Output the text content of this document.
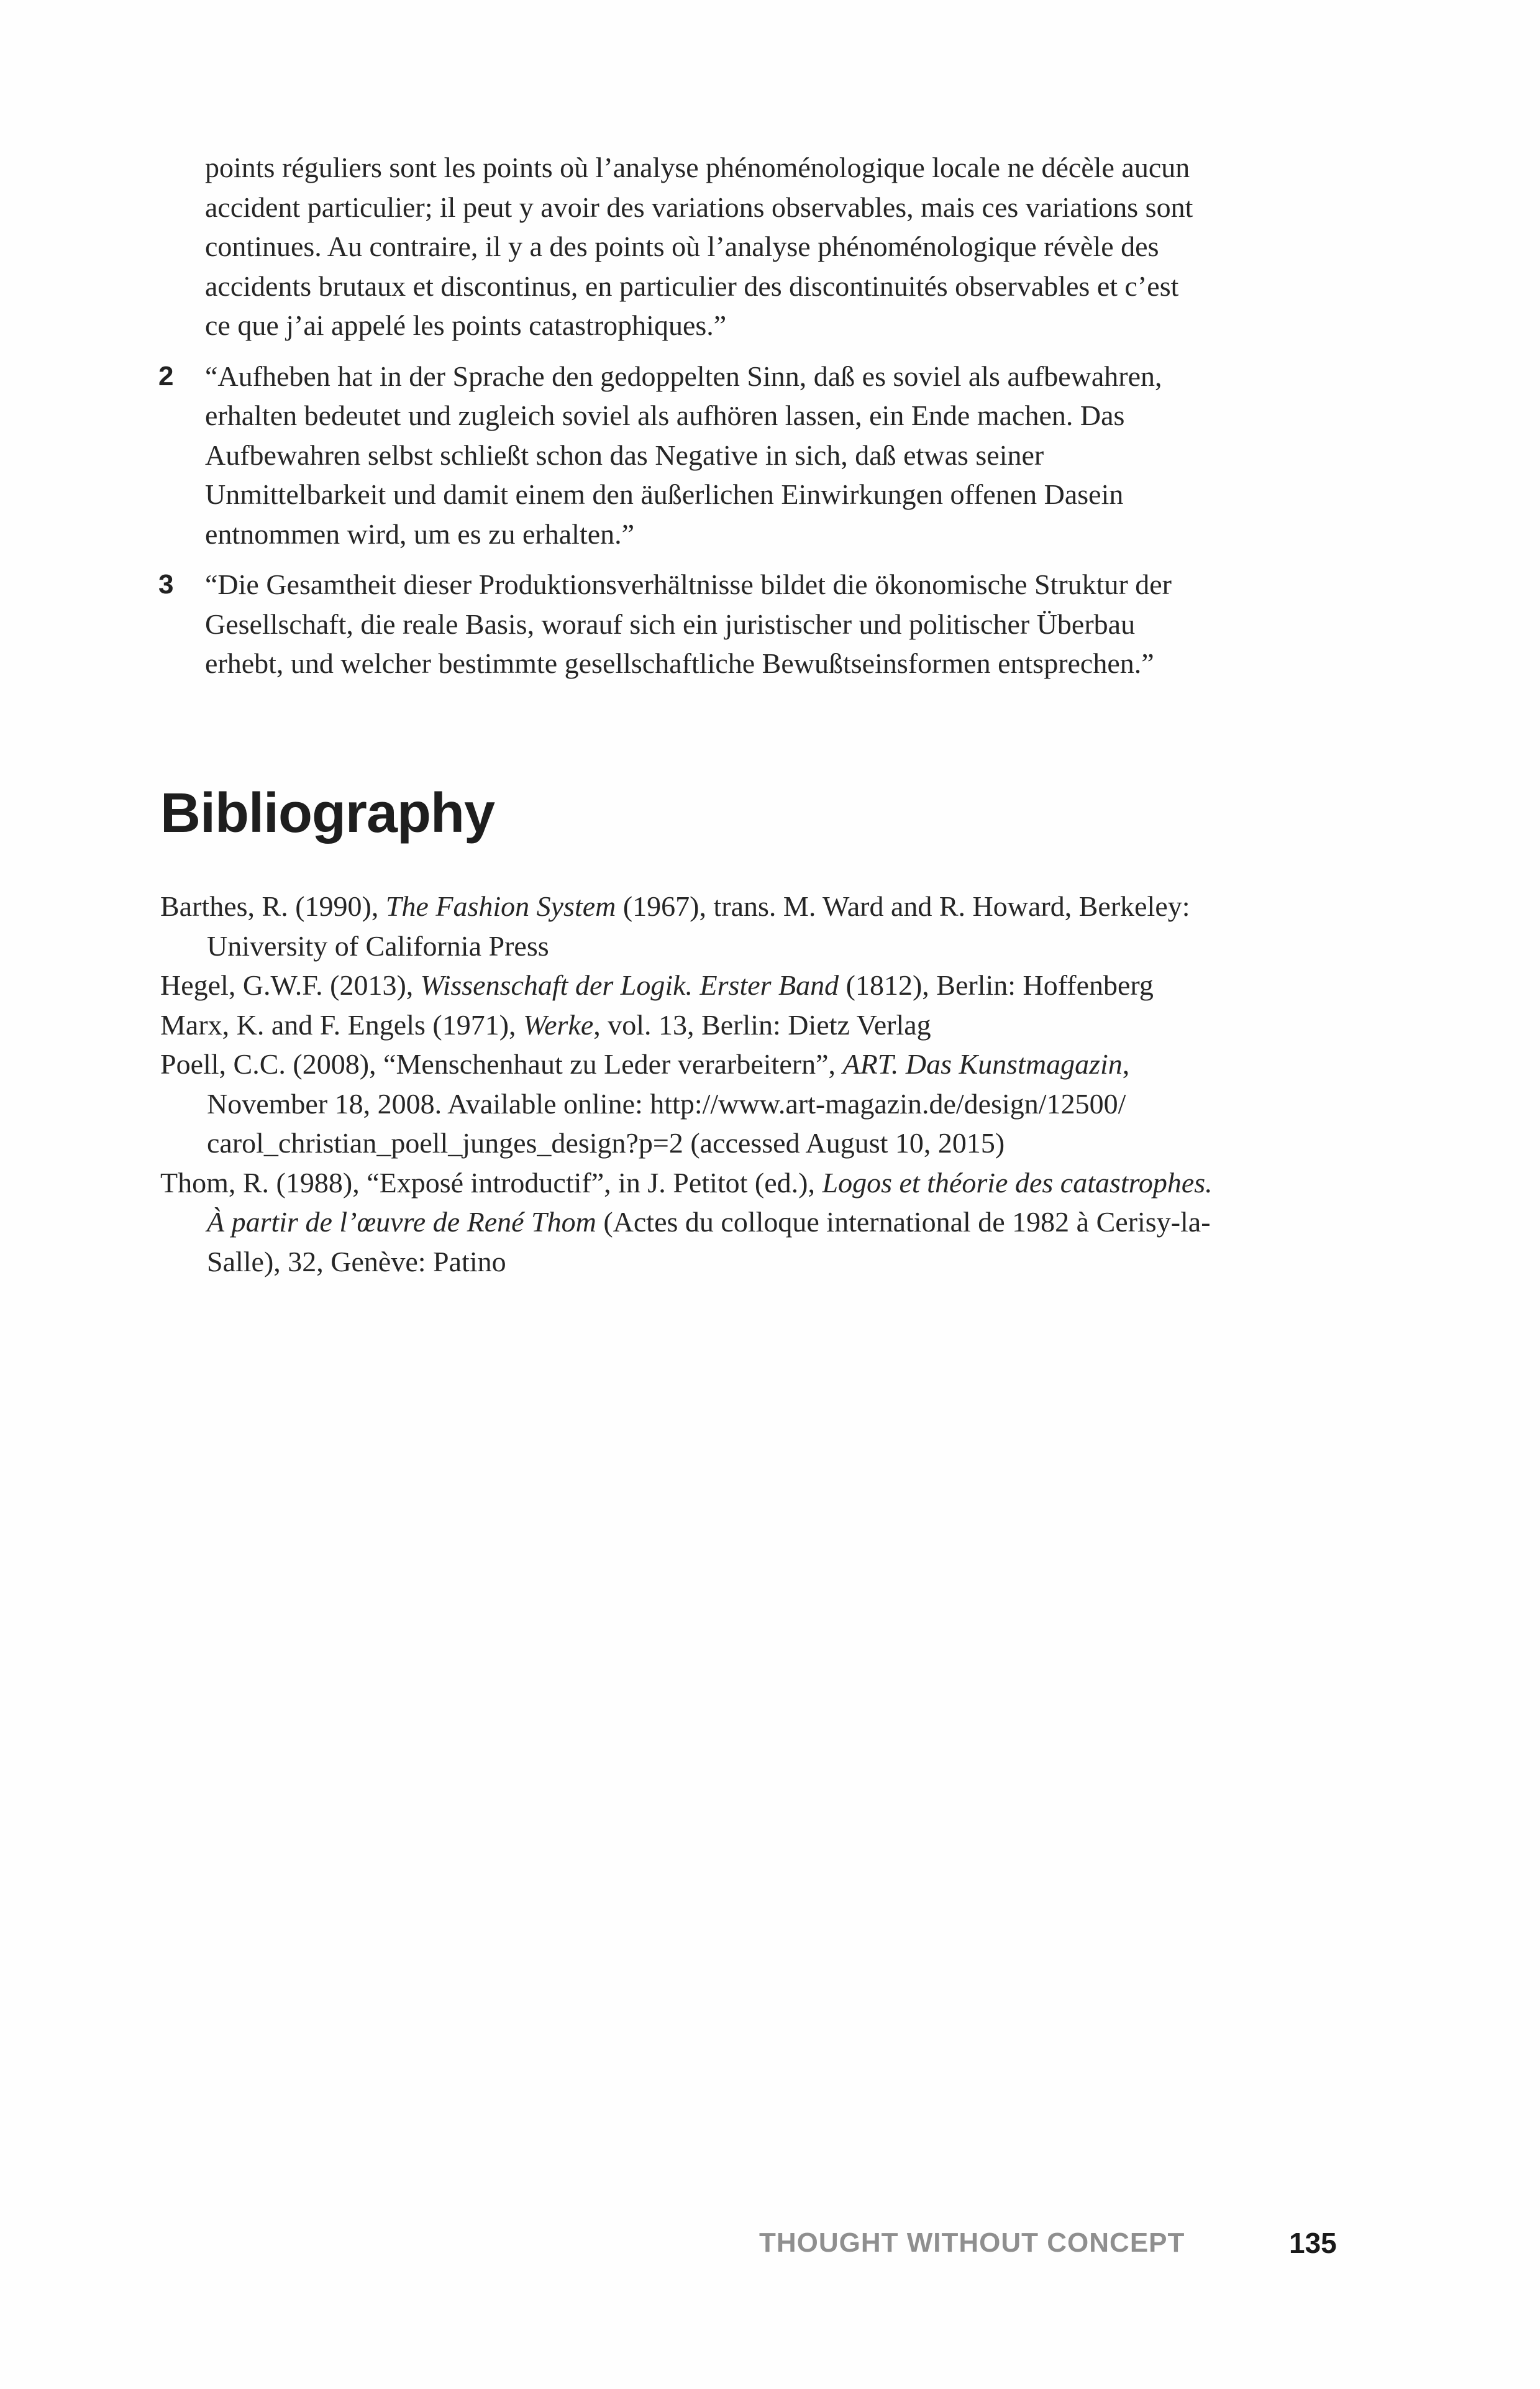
points réguliers sont les points où l’analyse phénoménologique locale ne décèle aucun
accident particulier; il peut y avoir des variations observables, mais ces variations sont
continues. Au contraire, il y a des points où l’analyse phénoménologique révèle des
accidents brutaux et discontinus, en particulier des discontinuités observables et c’est
ce que j’ai appelé les points catastrophiques.”
2 “Aufheben hat in der Sprache den gedoppelten Sinn, daß es soviel als aufbewahren,
erhalten bedeutet und zugleich soviel als aufhören lassen, ein Ende machen. Das
Aufbewahren selbst schließt schon das Negative in sich, daß etwas seiner
Unmittelbarkeit und damit einem den äußerlichen Einwirkungen offenen Dasein
entnommen wird, um es zu erhalten.”
3 “Die Gesamtheit dieser Produktionsverhältnisse bildet die ökonomische Struktur der
Gesellschaft, die reale Basis, worauf sich ein juristischer und politischer Überbau
erhebt, und welcher bestimmte gesellschaftliche Bewußtseinsformen entsprechen.”
Bibliography
Barthes, R. (1990), The Fashion System (1967), trans. M. Ward and R. Howard, Berkeley:
University of California Press
Hegel, G.W.F. (2013), Wissenschaft der Logik. Erster Band (1812), Berlin: Hoffenberg
Marx, K. and F. Engels (1971), Werke, vol. 13, Berlin: Dietz Verlag
Poell, C.C. (2008), “Menschenhaut zu Leder verarbeitern”, ART. Das Kunstmagazin,
November 18, 2008. Available online: http://www.art-magazin.de/design/12500/
carol_christian_poell_junges_design?p=2 (accessed August 10, 2015)
Thom, R. (1988), “Exposé introductif”, in J. Petitot (ed.), Logos et théorie des catastrophes.
À partir de l’œuvre de René Thom (Actes du colloque international de 1982 à Cerisy-la-
Salle), 32, Genève: Patino
THOUGHT WITHOUT CONCEPT	135
